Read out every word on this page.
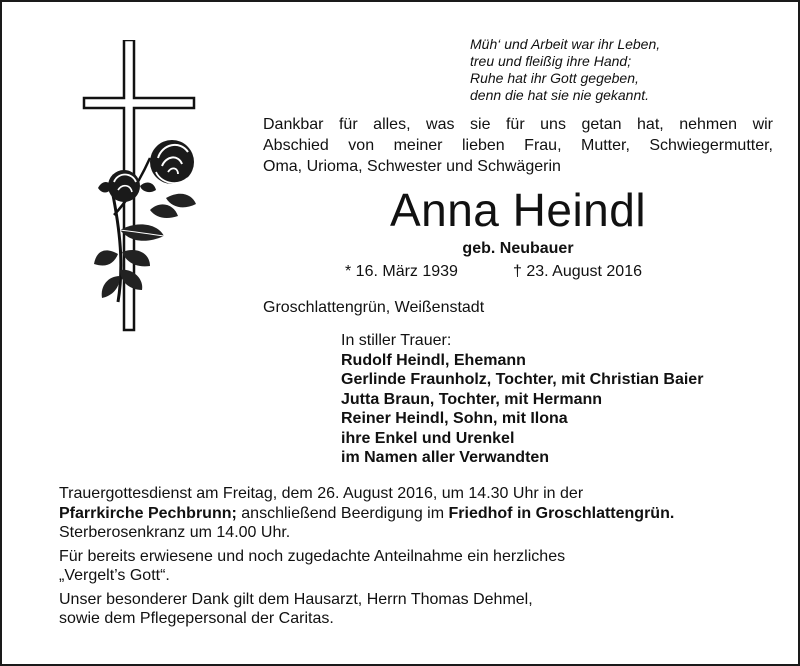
Müh‘ und Arbeit war ihr Leben,
treu und fleißig ihre Hand;
Ruhe hat ihr Gott gegeben,
denn die hat sie nie gekannt.

Dankbar für alles, was sie für uns getan hat, nehmen wir
Abschied von meiner lieben Frau, Mutter, Schwiegermutter,
Oma, Urioma, Schwester und Schwägerin

Anna Heindl
geb. Neubauer
* 16. März 1939	† 23. August 2016
Groschlattengrün, Weißenstadt
In stiller Trauer:
Rudolf Heindl, Ehemann
Gerlinde Fraunholz, Tochter, mit Christian Baier
Jutta Braun, Tochter, mit Hermann
Reiner Heindl, Sohn, mit Ilona
ihre Enkel und Urenkel
im Namen aller Verwandten

Trauergottesdienst am Freitag, dem 26. August 2016, um 14.30 Uhr in der
Pfarrkirche Pechbrunn; anschließend Beerdigung im Friedhof in Groschlattengrün.
Sterberosenkranz um 14.00 Uhr.

Für bereits erwiesene und noch zugedachte Anteilnahme ein herzliches
„Vergelt’s Gott“.

Unser besonderer Dank gilt dem Hausarzt, Herrn Thomas Dehmel,
sowie dem Pflegepersonal der Caritas.
